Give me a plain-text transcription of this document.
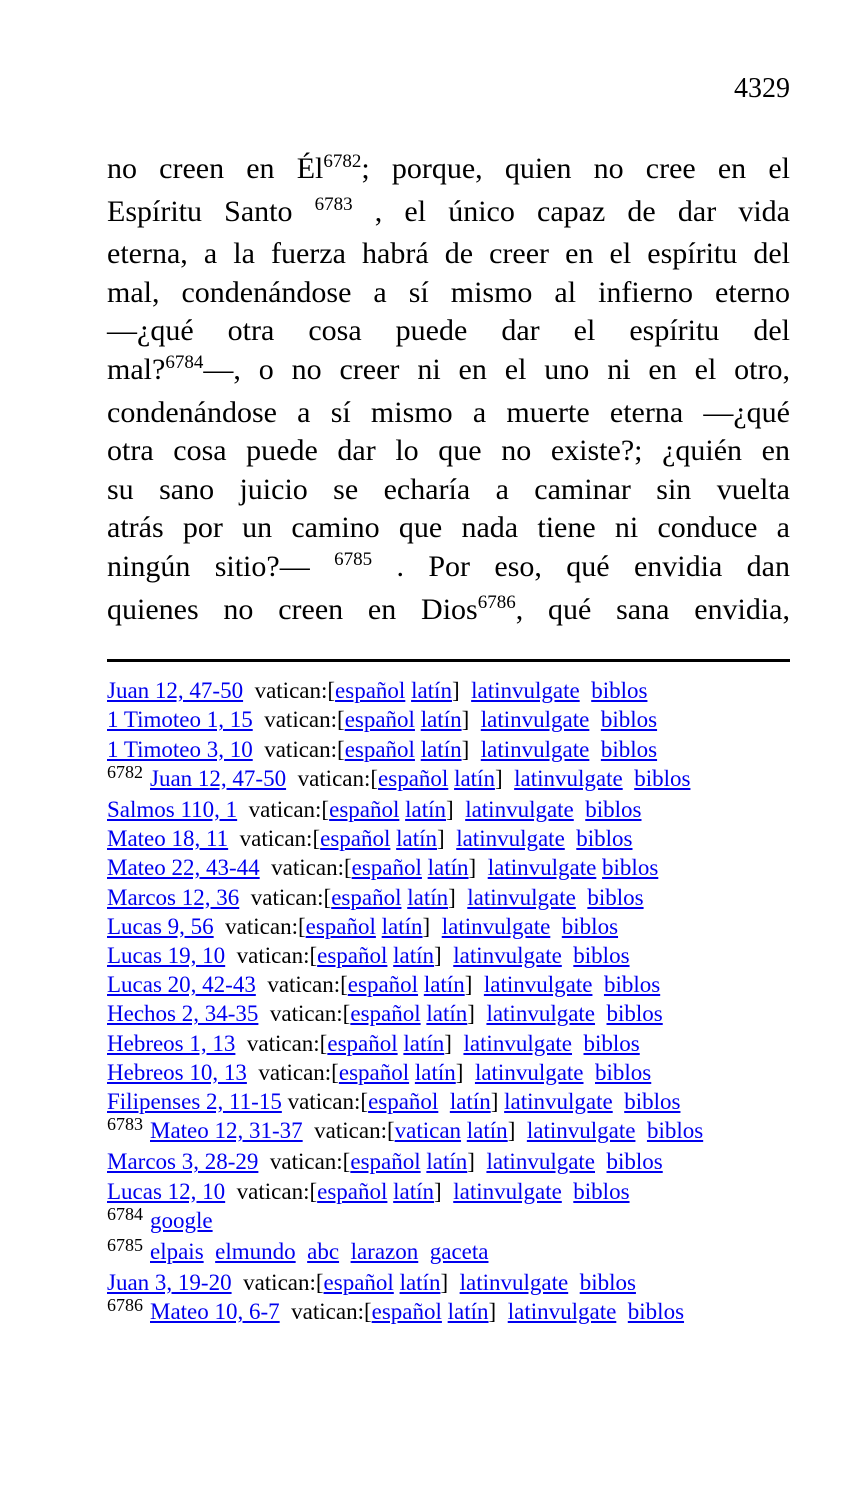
4329
no creen en $Él^{6782}$; porque, quien no cree en el
Espíritu Santo $^{6783}$ , el único capaz de dar vida
eterna, a la fuerza habrá de creer en el espíritu del
mal, condenándose a sí mismo al infierno eterno
—¿qué otra cosa puede dar el espíritu del
mal?$^{6784}$—, o no creer ni en el uno ni en el otro,
condenándose a sí mismo a muerte eterna —¿qué
otra cosa puede dar lo que no existe?; ¿quién en
su sano juicio se echaría a caminar sin vuelta
atrás por un camino que nada tiene ni conduce a
ningún sitio?— $^{6785}$ . Por eso, qué envidia dan
quienes no creen en Dios$^{6786}$, qué sana envidia,
Juan 12, 47-50  vatican:[español latín]  latinvulgate biblos
1 Timoteo 1, 15  vatican:[español latín]  latinvulgate biblos
1 Timoteo 3, 10  vatican:[español latín]  latinvulgate biblos
$^{6782}$ Juan 12, 47-50  vatican:[español latín]  latinvulgate biblos
Salmos 110, 1  vatican:[español latín]  latinvulgate biblos
Mateo 18, 11  vatican:[español latín]  latinvulgate biblos
Mateo 22, 43-44  vatican:[español latín]  latinvulgate biblos
Marcos 12, 36  vatican:[español latín]  latinvulgate biblos
Lucas 9, 56  vatican:[español latín]  latinvulgate biblos
Lucas 19, 10  vatican:[español latín]  latinvulgate biblos
Lucas 20, 42-43  vatican:[español latín]  latinvulgate biblos
Hechos 2, 34-35  vatican:[español latín]  latinvulgate biblos
Hebreos 1, 13  vatican:[español latín]  latinvulgate biblos
Hebreos 10, 13  vatican:[español latín]  latinvulgate biblos
Filipenses 2, 11-15 vatican:[español latín] latinvulgate biblos
$^{6783}$ Mateo 12, 31-37  vatican:[vatican latín]  latinvulgate biblos
Marcos 3, 28-29  vatican:[español latín]  latinvulgate biblos
Lucas 12, 10  vatican:[español latín]  latinvulgate biblos
$^{6784}$ google
$^{6785}$ elpais elmundo abc larazon gaceta
Juan 3, 19-20  vatican:[español latín]  latinvulgate biblos
$^{6786}$ Mateo 10, 6-7  vatican:[español latín]  latinvulgate biblos
